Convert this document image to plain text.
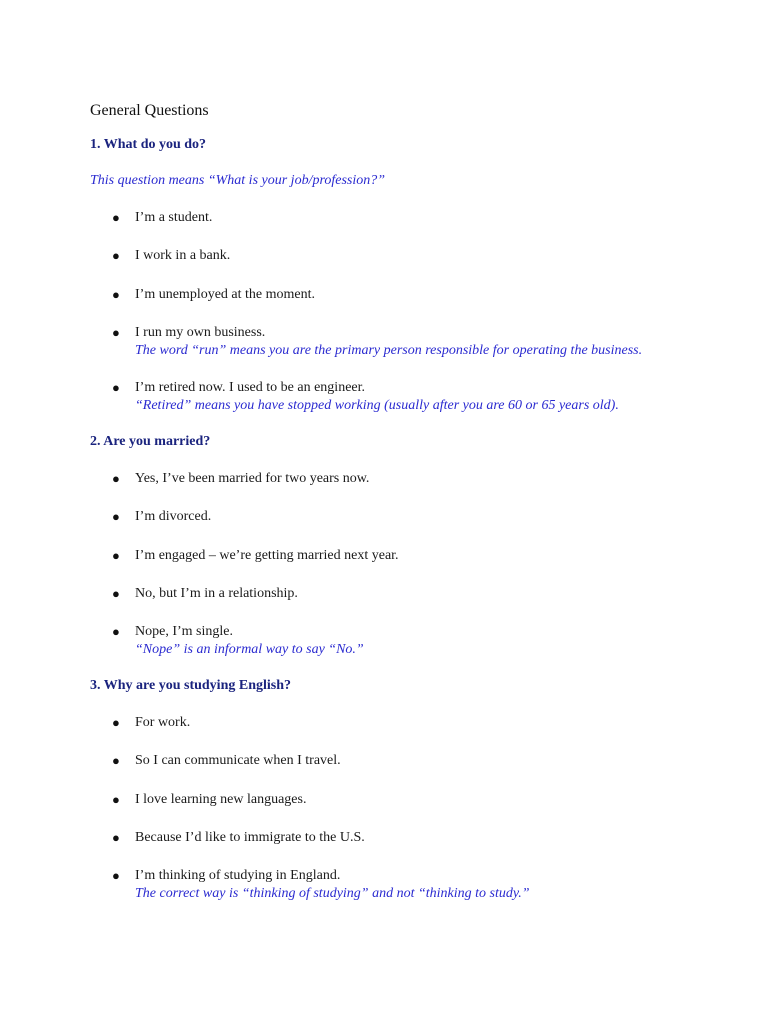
General Questions
1. What do you do?
This question means “What is your job/profession?”
● I’m a student.
● I work in a bank.
● I’m unemployed at the moment.
● I run my own business.
The word “run” means you are the primary person responsible for operating the business.
● I’m retired now. I used to be an engineer.
“Retired” means you have stopped working (usually after you are 60 or 65 years old).
2. Are you married?
● Yes, I’ve been married for two years now.
● I’m divorced.
● I’m engaged – we’re getting married next year.
● No, but I’m in a relationship.
● Nope, I’m single.
“Nope” is an informal way to say “No.”
3. Why are you studying English?
● For work.
● So I can communicate when I travel.
● I love learning new languages.
● Because I’d like to immigrate to the U.S.
● I’m thinking of studying in England.
The correct way is “thinking of studying” and not “thinking to study.”
